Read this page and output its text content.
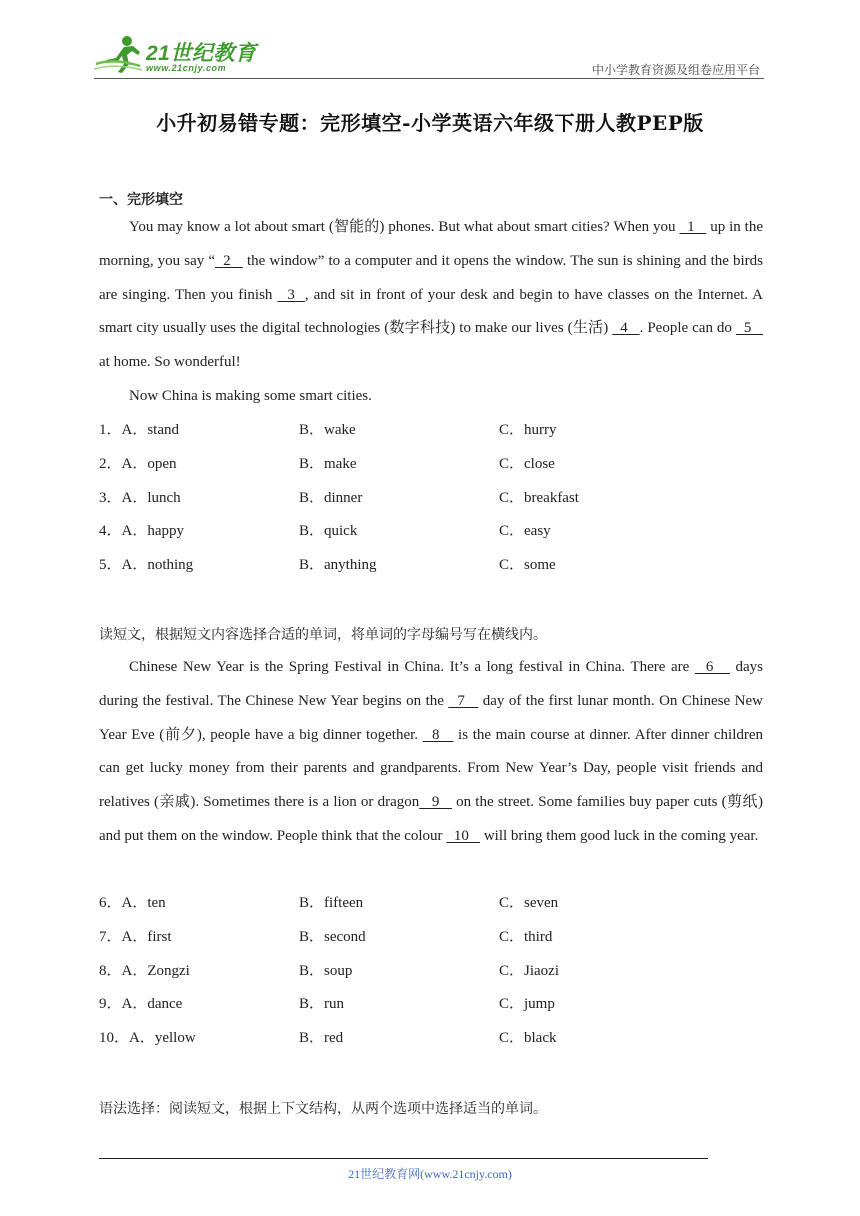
21世纪教育
www.21cnjy.com	中小学教育资源及组卷应用平台
小升初易错专题：完形填空-小学英语六年级下册人教PEP版
一、完形填空
You may know a lot about smart (智能的) phones. But what about smart cities? When you   1    up in the morning, you say “  2    the window” to a computer and it opens the window. The sun is shining and the birds are singing. Then you finish   3  , and sit in front of your desk and begin to have classes on the Internet. A smart city usually uses the digital technologies (数字科技) to make our lives (生活)   4   . People can do   5    at home. So wonderful!
Now China is making some smart cities.
1．A．stand	B．wake	C．hurry
2．A．open	B．make	C．close
3．A．lunch	B．dinner	C．breakfast
4．A．happy	B．quick	C．easy
5．A．nothing	B．anything	C．some
读短文，根据短文内容选择合适的单词，将单词的字母编号写在横线内。
Chinese New Year is the Spring Festival in China. It’s a long festival in China. There are   6    days during the festival. The Chinese New Year begins on the   7    day of the first lunar month. On Chinese New Year Eve (前夕), people have a big dinner together.   8    is the main course at dinner. After dinner children can get lucky money from their parents and grandparents. From New Year’s Day, people visit friends and relatives (亲戚). Sometimes there is a lion or dragon   9    on the street. Some families buy paper cuts (剪纸) and put them on the window. People think that the colour   10    will bring them good luck in the coming year.
6．A．ten	B．fifteen	C．seven
7．A．first	B．second	C．third
8．A．Zongzi	B．soup	C．Jiaozi
9．A．dance	B．run	C．jump
10．A．yellow	B．red	C．black
语法选择：阅读短文，根据上下文结构，从两个选项中选择适当的单词。
21世纪教育网(www.21cnjy.com)
